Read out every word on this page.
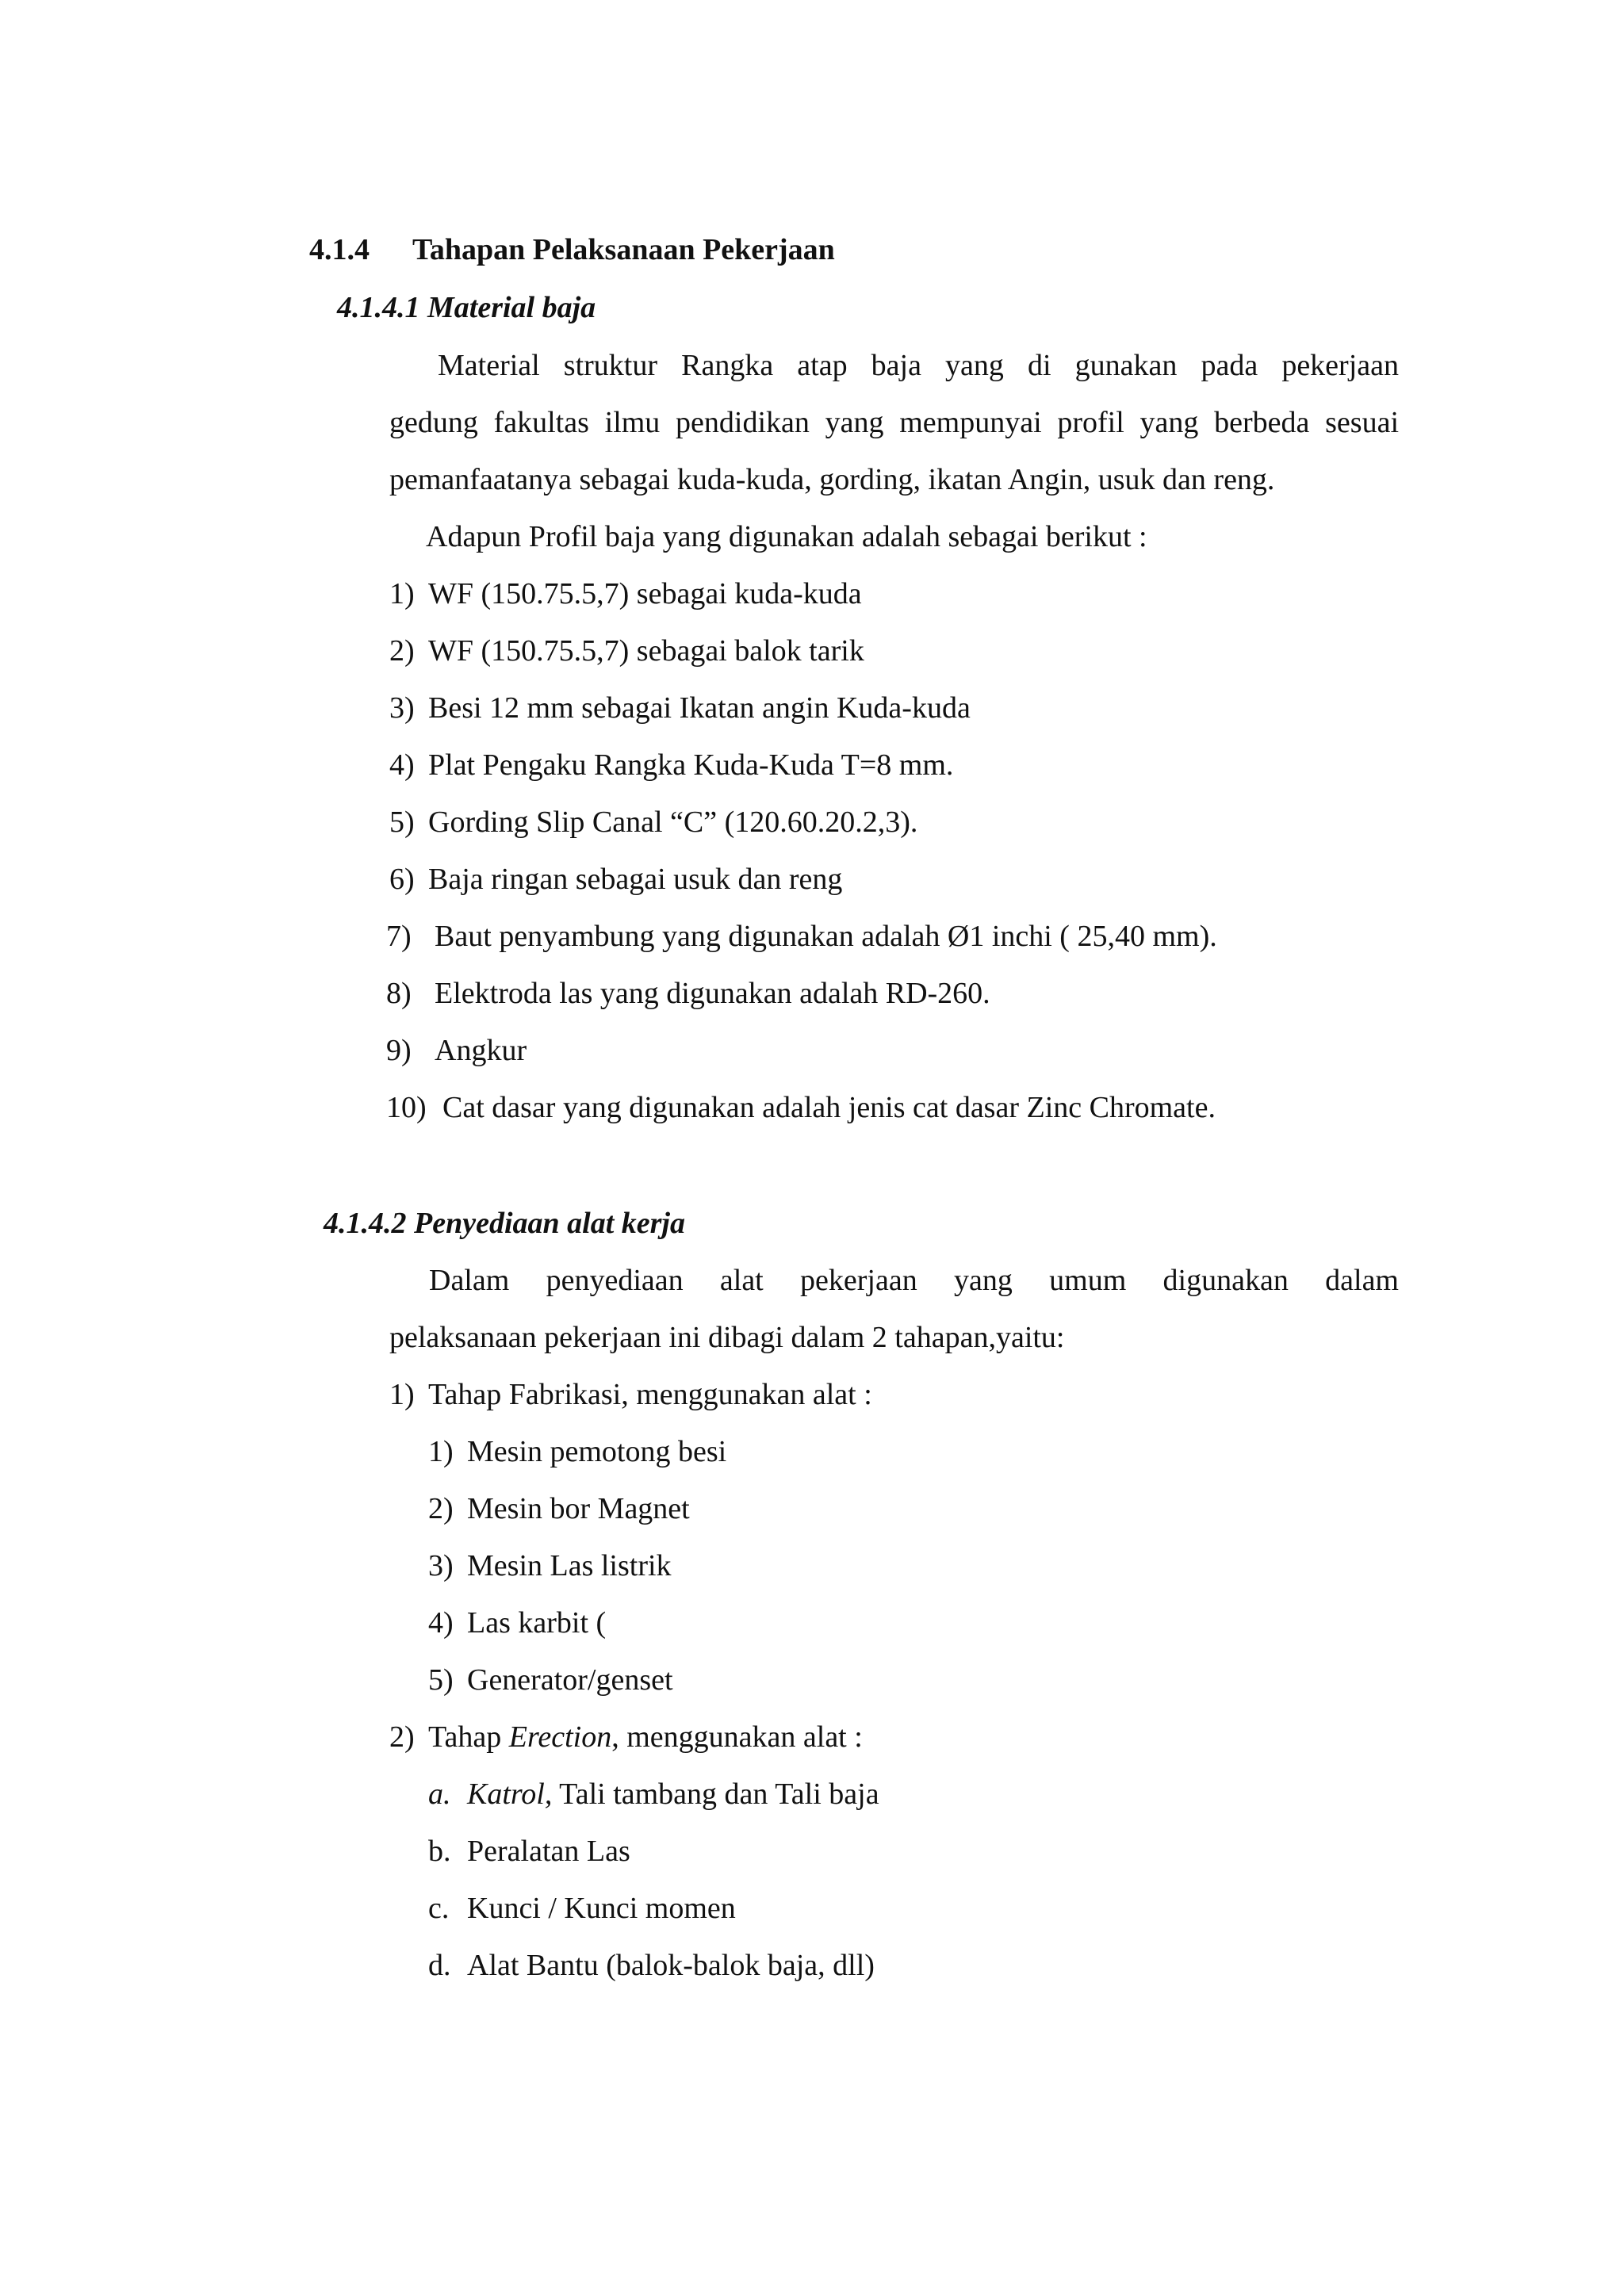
4.1.4 Tahapan Pelaksanaan Pekerjaan
4.1.4.1 Material baja
Material struktur Rangka atap baja yang di gunakan pada pekerjaan
gedung fakultas ilmu pendidikan yang mempunyai profil yang berbeda sesuai
pemanfaatanya sebagai kuda-kuda, gording, ikatan Angin, usuk dan reng.
Adapun Profil baja yang digunakan adalah sebagai berikut :
1) WF (150.75.5,7) sebagai kuda-kuda
2) WF (150.75.5,7) sebagai balok tarik
3) Besi 12 mm sebagai Ikatan angin Kuda-kuda
4) Plat Pengaku Rangka Kuda-Kuda T=8 mm.
5) Gording Slip Canal “C” (120.60.20.2,3).
6) Baja ringan sebagai usuk dan reng
7) Baut penyambung yang digunakan adalah Ø1 inchi ( 25,40 mm).
8) Elektroda las yang digunakan adalah RD-260.
9) Angkur
10) Cat dasar yang digunakan adalah jenis cat dasar Zinc Chromate.
4.1.4.2 Penyediaan alat kerja
Dalam penyediaan alat pekerjaan yang umum digunakan dalam
pelaksanaan pekerjaan ini dibagi dalam 2 tahapan,yaitu:
1) Tahap Fabrikasi, menggunakan alat :
1) Mesin pemotong besi
2) Mesin bor Magnet
3) Mesin Las listrik
4) Las karbit (
5) Generator/genset
2) Tahap Erection, menggunakan alat :
a. Katrol, Tali tambang dan Tali baja
b. Peralatan Las
c. Kunci / Kunci momen
d. Alat Bantu (balok-balok baja, dll)
